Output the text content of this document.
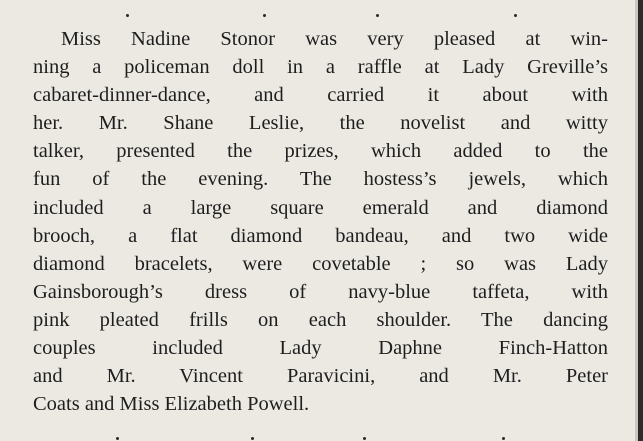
Miss Nadine Stonor was very pleased at win-
ning a policeman doll in a raffle at Lady Greville’s
cabaret-dinner-dance, and carried it about with
her. Mr. Shane Leslie, the novelist and witty
talker, presented the prizes, which added to the
fun of the evening. The hostess’s jewels, which
included a large square emerald and diamond
brooch, a flat diamond bandeau, and two wide
diamond bracelets, were covetable ; so was Lady
Gainsborough’s dress of navy-blue taffeta, with
pink pleated frills on each shoulder. The dancing
couples included Lady Daphne Finch-Hatton
and Mr. Vincent Paravicini, and Mr. Peter
Coats and Miss Elizabeth Powell.
